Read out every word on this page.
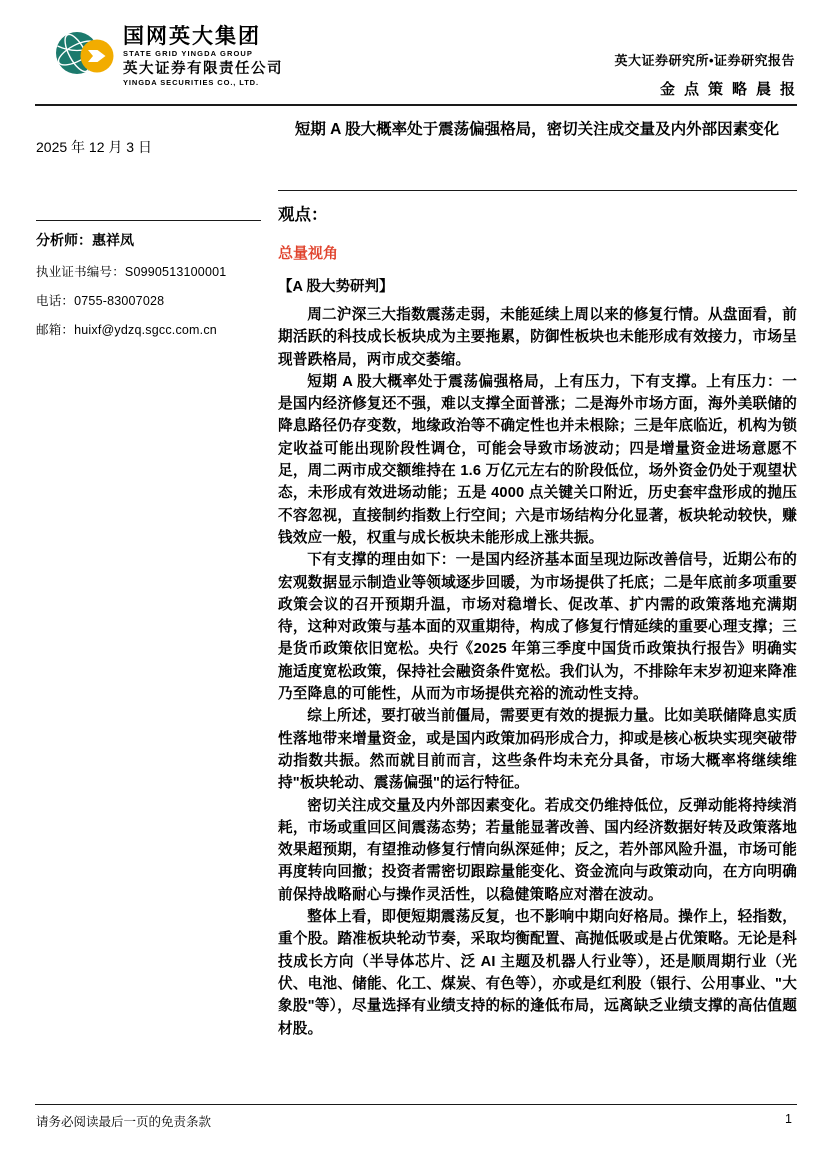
国网英大集团
STATE GRID YINGDA GROUP
英大证券有限责任公司
YINGDA SECURITIES CO., LTD.
英大证券研究所•证券研究报告
金点策略晨报
2025 年 12 月 3 日
短期 A 股大概率处于震荡偏强格局，密切关注成交量及内外部因素变化
分析师：惠祥凤
执业证书编号：S0990513100001
电话：0755-83007028
邮箱：huixf@ydzq.sgcc.com.cn
观点：
总量视角
【A 股大势研判】

周二沪深三大指数震荡走弱，未能延续上周以来的修复行情。从盘面看，前期活跃的科技成长板块成为主要拖累，防御性板块也未能形成有效接力，市场呈现普跌格局，两市成交萎缩。

短期 A 股大概率处于震荡偏强格局，上有压力，下有支撑。上有压力：一是国内经济修复还不强，难以支撑全面普涨；二是海外市场方面，海外美联储的降息路径仍存变数，地缘政治等不确定性也并未根除；三是年底临近，机构为锁定收益可能出现阶段性调仓，可能会导致市场波动；四是增量资金进场意愿不足，周二两市成交额维持在 1.6 万亿元左右的阶段低位，场外资金仍处于观望状态，未形成有效进场动能；五是 4000 点关键关口附近，历史套牢盘形成的抛压不容忽视，直接制约指数上行空间；六是市场结构分化显著，板块轮动较快，赚钱效应一般，权重与成长板块未能形成上涨共振。

下有支撑的理由如下：一是国内经济基本面呈现边际改善信号，近期公布的宏观数据显示制造业等领域逐步回暖，为市场提供了托底；二是年底前多项重要政策会议的召开预期升温，市场对稳增长、促改革、扩内需的政策落地充满期待，这种对政策与基本面的双重期待，构成了修复行情延续的重要心理支撑；三是货币政策依旧宽松。央行《2025 年第三季度中国货币政策执行报告》明确实施适度宽松政策，保持社会融资条件宽松。我们认为，不排除年末岁初迎来降准乃至降息的可能性，从而为市场提供充裕的流动性支持。

综上所述，要打破当前僵局，需要更有效的提振力量。比如美联储降息实质性落地带来增量资金，或是国内政策加码形成合力，抑或是核心板块实现突破带动指数共振。然而就目前而言，这些条件均未充分具备，市场大概率将继续维持"板块轮动、震荡偏强"的运行特征。

密切关注成交量及内外部因素变化。若成交仍维持低位，反弹动能将持续消耗，市场或重回区间震荡态势；若量能显著改善、国内经济数据好转及政策落地效果超预期，有望推动修复行情向纵深延伸；反之，若外部风险升温，市场可能再度转向回撤；投资者需密切跟踪量能变化、资金流向与政策动向，在方向明确前保持战略耐心与操作灵活性，以稳健策略应对潜在波动。

整体上看，即便短期震荡反复，也不影响中期向好格局。操作上，轻指数，重个股。踏准板块轮动节奏，采取均衡配置、高抛低吸或是占优策略。无论是科技成长方向（半导体芯片、泛 AI 主题及机器人行业等），还是顺周期行业（光伏、电池、储能、化工、煤炭、有色等），亦或是红利股（银行、公用事业、"大象股"等），尽量选择有业绩支持的标的逢低布局，远离缺乏业绩支撑的高估值题材股。

请务必阅读最后一页的免责条款	1
